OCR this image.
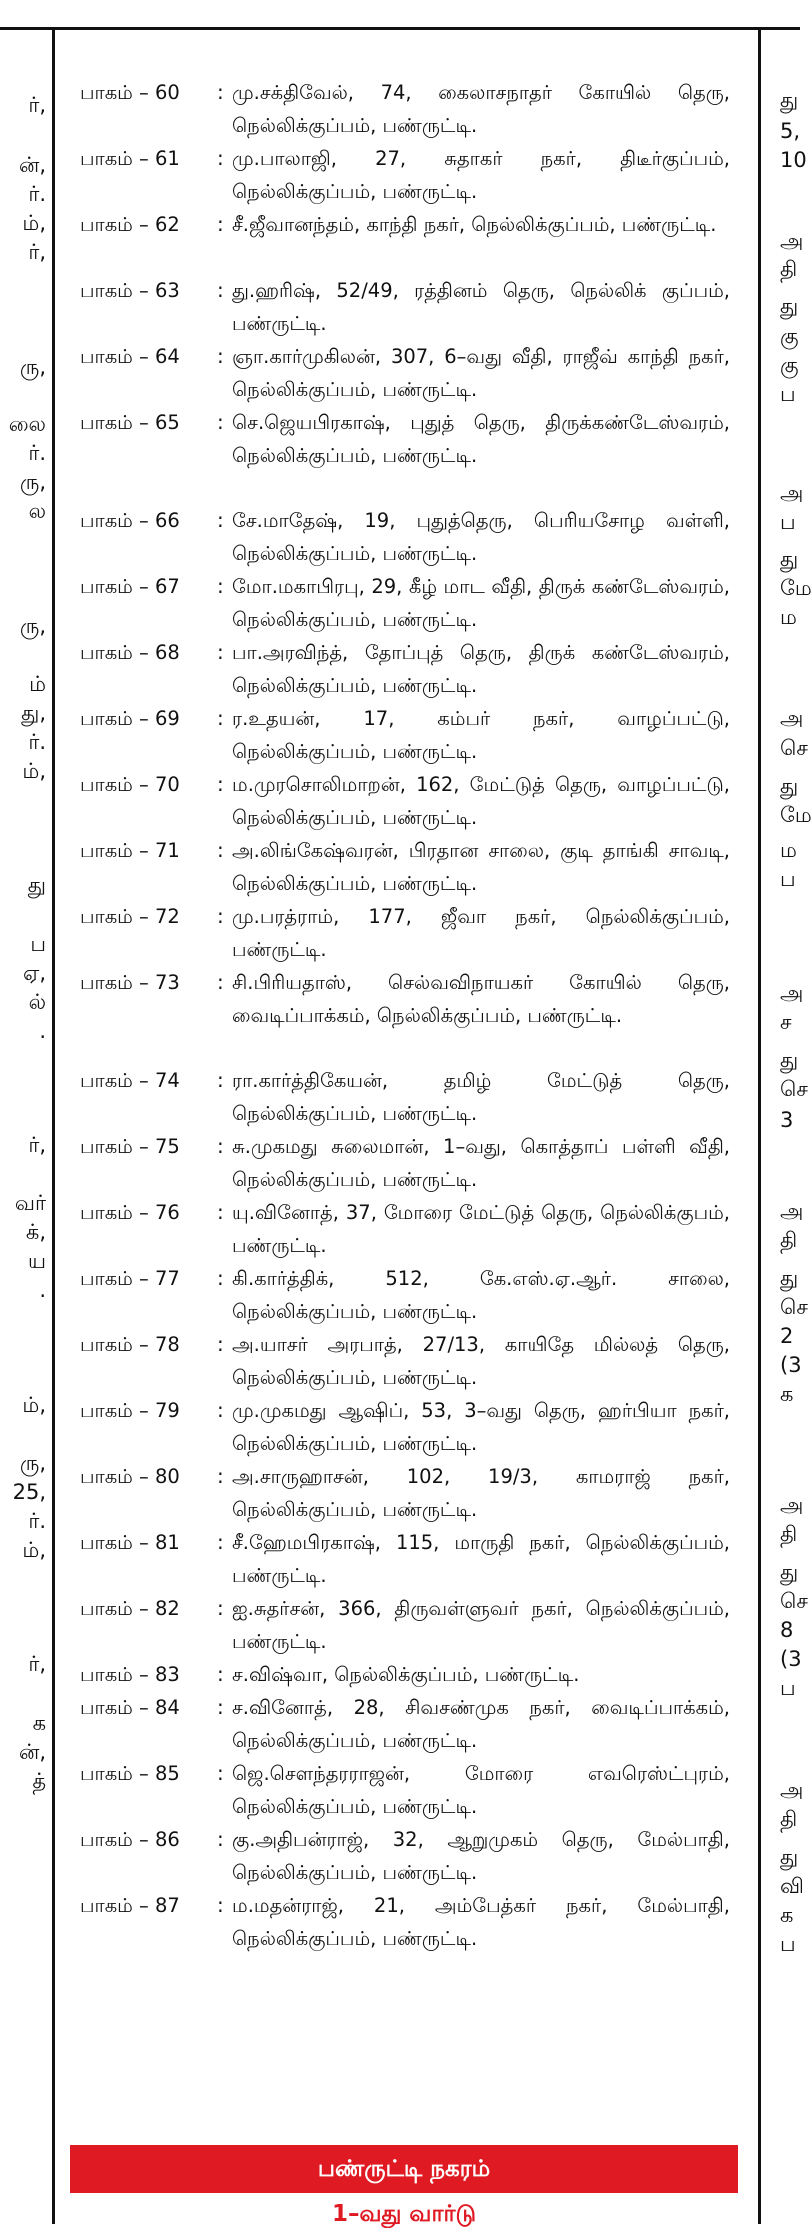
ர்,
ன்,
ர்.
ம்,
ர்,
ரு,
லை
ர்.
ரு,
ல
ரு,
ம்
து,
ர்.
ம்,
து
ப
ஏ,
ல்
.
ர்,
வர்
க்,
ய
.
ம்,
ரு,
25,
ர்.
ம்,
ர்,
க
ன்,
த்
து
5,
10
அ
தி
து
கு
கு
ப
அ
ப
து
மே
ம
அ
செ
து
மே
ம
ப
அ
ச
து
செ
3
அ
தி
து
செ
2
(3
க
அ
தி
து
செ
8
(3
ப
அ
தி
து
வி
க
ப
பாகம் – 60 : மு.சக்திவேல், 74, கைலாசநாதர் கோயில் தெரு, நெல்லிக்குப்பம், பண்ருட்டி.
பாகம் – 61 : மு.பாலாஜி, 27, சுதாகர் நகர், திடீர்குப்பம், நெல்லிக்குப்பம், பண்ருட்டி.
பாகம் – 62 : சீ.ஜீவானந்தம், காந்தி நகர், நெல்லிக்குப்பம், பண்ருட்டி.
பாகம் – 63 : து.ஹரிஷ், 52/49, ரத்தினம் தெரு, நெல்லிக் குப்பம், பண்ருட்டி.
பாகம் – 64 : ஞா.கார்முகிலன், 307, 6–வது வீதி, ராஜீவ் காந்தி நகர், நெல்லிக்குப்பம், பண்ருட்டி.
பாகம் – 65 : செ.ஜெயபிரகாஷ், புதுத் தெரு, திருக்கண்டேஸ்வரம், நெல்லிக்குப்பம், பண்ருட்டி.
பாகம் – 66 : சே.மாதேஷ், 19, புதுத்தெரு, பெரியசோழ வள்ளி, நெல்லிக்குப்பம், பண்ருட்டி.
பாகம் – 67 : மோ.மகாபிரபு, 29, கீழ் மாட வீதி, திருக் கண்டேஸ்வரம், நெல்லிக்குப்பம், பண்ருட்டி.
பாகம் – 68 : பா.அரவிந்த், தோப்புத் தெரு, திருக் கண்டேஸ்வரம், நெல்லிக்குப்பம், பண்ருட்டி.
பாகம் – 69 : ர.உதயன், 17, கம்பர் நகர், வாழப்பட்டு, நெல்லிக்குப்பம், பண்ருட்டி.
பாகம் – 70 : ம.முரசொலிமாறன், 162, மேட்டுத் தெரு, வாழப்பட்டு, நெல்லிக்குப்பம், பண்ருட்டி.
பாகம் – 71 : அ.லிங்கேஷ்வரன், பிரதான சாலை, குடி தாங்கி சாவடி, நெல்லிக்குப்பம், பண்ருட்டி.
பாகம் – 72 : மு.பரத்ராம், 177, ஜீவா நகர், நெல்லிக்குப்பம், பண்ருட்டி.
பாகம் – 73 : சி.பிரியதாஸ், செல்வவிநாயகர் கோயில் தெரு, வைடிப்பாக்கம், நெல்லிக்குப்பம், பண்ருட்டி.
பாகம் – 74 : ரா.கார்த்திகேயன், தமிழ் மேட்டுத் தெரு, நெல்லிக்குப்பம், பண்ருட்டி.
பாகம் – 75 : சு.முகமது சுலைமான், 1–வது, கொத்தாப் பள்ளி வீதி, நெல்லிக்குப்பம், பண்ருட்டி.
பாகம் – 76 : யு.வினோத், 37, மோரை மேட்டுத் தெரு, நெல்லிக்குபம், பண்ருட்டி.
பாகம் – 77 : கி.கார்த்திக், 512, கே.எஸ்.ஏ.ஆர். சாலை, நெல்லிக்குப்பம், பண்ருட்டி.
பாகம் – 78 : அ.யாசர் அரபாத், 27/13, காயிதே மில்லத் தெரு, நெல்லிக்குப்பம், பண்ருட்டி.
பாகம் – 79 : மு.முகமது ஆஷிப், 53, 3–வது தெரு, ஹர்பியா நகர், நெல்லிக்குப்பம், பண்ருட்டி.
பாகம் – 80 : அ.சாருஹாசன், 102, 19/3, காமராஜ் நகர், நெல்லிக்குப்பம், பண்ருட்டி.
பாகம் – 81 : சீ.ஹேமபிரகாஷ், 115, மாருதி நகர், நெல்லிக்குப்பம், பண்ருட்டி.
பாகம் – 82 : ஐ.சுதர்சன், 366, திருவள்ளுவர் நகர், நெல்லிக்குப்பம், பண்ருட்டி.
பாகம் – 83 : ச.விஷ்வா, நெல்லிக்குப்பம், பண்ருட்டி.
பாகம் – 84 : ச.வினோத், 28, சிவசண்முக நகர், வைடிப்பாக்கம், நெல்லிக்குப்பம், பண்ருட்டி.
பாகம் – 85 : ஜெ.சௌந்தரராஜன், மோரை எவரெஸ்ட்புரம், நெல்லிக்குப்பம், பண்ருட்டி.
பாகம் – 86 : கு.அதிபன்ராஜ், 32, ஆறுமுகம் தெரு, மேல்பாதி, நெல்லிக்குப்பம், பண்ருட்டி.
பாகம் – 87 : ம.மதன்ராஜ், 21, அம்பேத்கர் நகர், மேல்பாதி, நெல்லிக்குப்பம், பண்ருட்டி.
பண்ருட்டி நகரம்
1–வது வார்டு
